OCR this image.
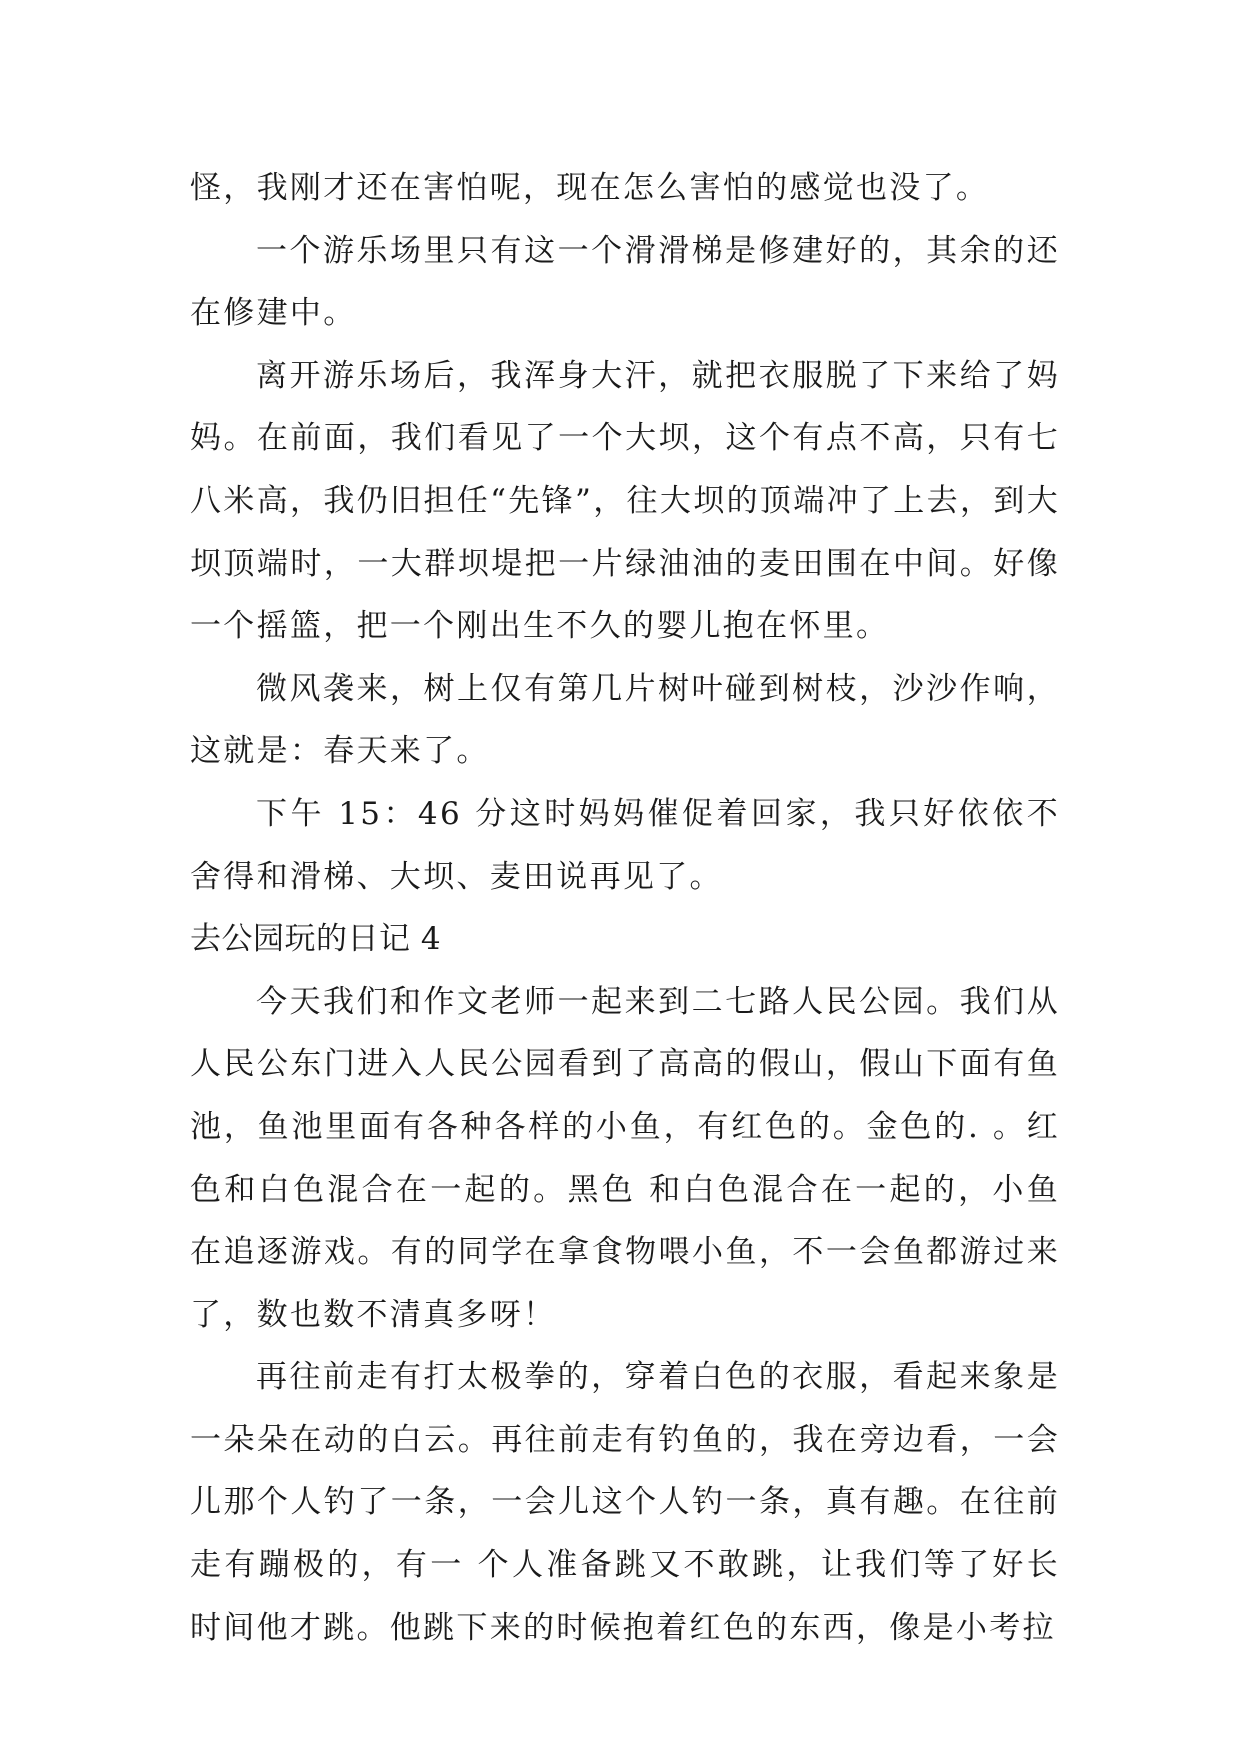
怪，我刚才还在害怕呢，现在怎么害怕的感觉也没了。

一个游乐场里只有这一个滑滑梯是修建好的，其余的还在修建中。

离开游乐场后，我浑身大汗，就把衣服脱了下来给了妈妈。在前面，我们看见了一个大坝，这个有点不高，只有七八米高，我仍旧担任“先锋”，往大坝的顶端冲了上去，到大坝顶端时，一大群坝堤把一片绿油油的麦田围在中间。好像一个摇篮，把一个刚出生不久的婴儿抱在怀里。

微风袭来，树上仅有第几片树叶碰到树枝，沙沙作响，这就是：春天来了。

下午 15：46 分这时妈妈催促着回家，我只好依依不舍得和滑梯、大坝、麦田说再见了。

去公园玩的日记 4

今天我们和作文老师一起来到二七路人民公园。我们从人民公东门进入人民公园看到了高高的假山，假山下面有鱼池，鱼池里面有各种各样的小鱼，有红色的。金色的. 。红色和白色混合在一起的。黑色 和白色混合在一起的，小鱼在追逐游戏。有的同学在拿食物喂小鱼，不一会鱼都游过来了，数也数不清真多呀！

再往前走有打太极拳的，穿着白色的衣服，看起来象是一朵朵在动的白云。再往前走有钓鱼的，我在旁边看，一会儿那个人钓了一条，一会儿这个人钓一条，真有趣。在往前走有蹦极的，有一 个人准备跳又不敢跳，让我们等了好长时间他才跳。他跳下来的时候抱着红色的东西，像是小考拉
